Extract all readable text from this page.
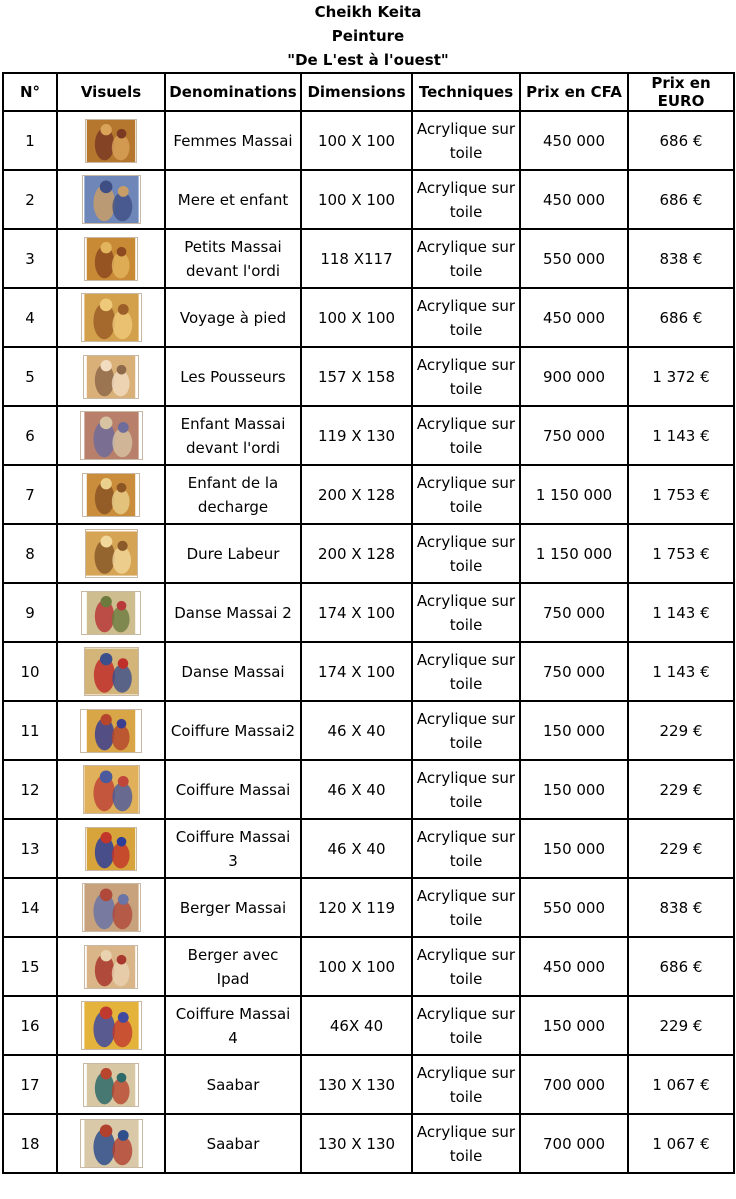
Cheikh Keita
Peinture
"De L'est à l'ouest"
N°	Visuels	Denominations	Dimensions	Techniques	Prix en CFA	Prix en EURO
1		Femmes Massai	100 X 100	Acrylique sur toile	450 000	686 €
2		Mere et enfant	100 X 100	Acrylique sur toile	450 000	686 €
3		Petits Massai devant l'ordi	118 X117	Acrylique sur toile	550 000	838 €
4		Voyage à pied	100 X 100	Acrylique sur toile	450 000	686 €
5		Les Pousseurs	157 X 158	Acrylique sur toile	900 000	1 372 €
6		Enfant Massai devant l'ordi	119 X 130	Acrylique sur toile	750 000	1 143 €
7		Enfant de la decharge	200 X 128	Acrylique sur toile	1 150 000	1 753 €
8		Dure Labeur	200 X 128	Acrylique sur toile	1 150 000	1 753 €
9		Danse Massai 2	174 X 100	Acrylique sur toile	750 000	1 143 €
10		Danse Massai	174 X 100	Acrylique sur toile	750 000	1 143 €
11		Coiffure Massai2	46 X 40	Acrylique sur toile	150 000	229 €
12		Coiffure Massai	46 X 40	Acrylique sur toile	150 000	229 €
13		Coiffure Massai 3	46 X 40	Acrylique sur toile	150 000	229 €
14		Berger Massai	120 X 119	Acrylique sur toile	550 000	838 €
15		Berger avec Ipad	100 X 100	Acrylique sur toile	450 000	686 €
16		Coiffure Massai 4	46X 40	Acrylique sur toile	150 000	229 €
17		Saabar	130 X 130	Acrylique sur toile	700 000	1 067 €
18		Saabar	130 X 130	Acrylique sur toile	700 000	1 067 €
